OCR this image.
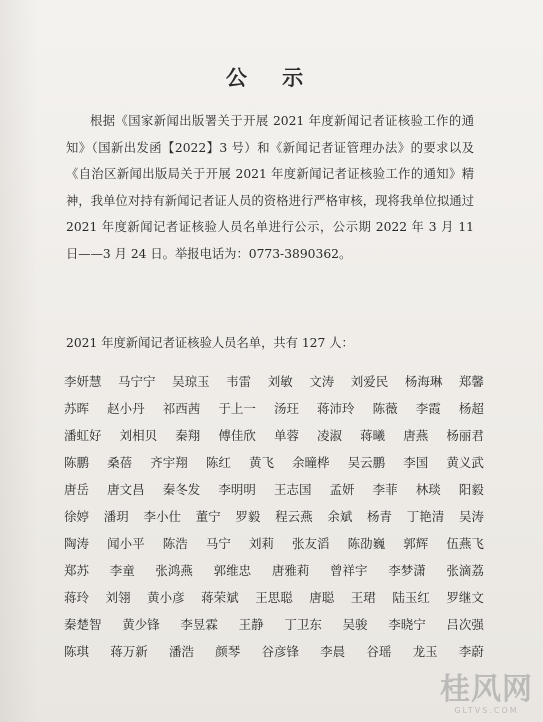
公 示
根据《国家新闻出版署关于开展 2021 年度新闻记者证核验工作的通知》（国新出发函【2022】3 号）和《新闻记者证管理办法》的要求以及《自治区新闻出版局关于开展 2021 年度新闻记者证核验工作的通知》精神，我单位对持有新闻记者证人员的资格进行严格审核，现将我单位拟通过 2021 年度新闻记者证核验人员名单进行公示，公示期 2022 年 3 月 11 日——3 月 24 日。举报电话为：0773-3890362。
2021 年度新闻记者证核验人员名单，共有 127 人：
李妍慧 马宁宁 吴琼玉 韦雷 刘敏 文涛 刘爱民 杨海琳 郑馨
苏晖 赵小丹 祁西茜 于上一 汤玨 蒋沛玲 陈薇 李霞 杨超
潘虹好 刘相贝 秦翔 傅佳欣 单蓉 凌淑 蒋曦 唐燕 杨丽君
陈鹏 桑蓓 齐宇翔 陈红 黄飞 余曈桦 吴云鹏 李国 黄义武
唐岳 唐文昌 秦冬发 李明明 王志国 孟妍 李菲 林琰 阳毅
徐婷 潘玥 李小仕 董宁 罗毅 程云燕 余斌 杨青 丁艳清 吴涛
陶涛 闻小平 陈浩 马宁 刘莉 张友滔 陈劭巍 郭辉 伍燕飞
郑苏 李童 张鸿燕 郭维忠 唐雅莉 曾祥宇 李梦潇 张滴荔
蒋玲 刘翎 黄小彦 蒋荣斌 王思聪 唐聪 王珺 陆玉红 罗继文
秦楚智 黄少锋 李昱霖 王静 丁卫东 吴骏 李晓宁 吕次强
陈琪 蒋万新 潘浩 颜琴 谷彦锋 李晨 谷瑶 龙玉 李蔚
桂风网
GLTVS.COM
